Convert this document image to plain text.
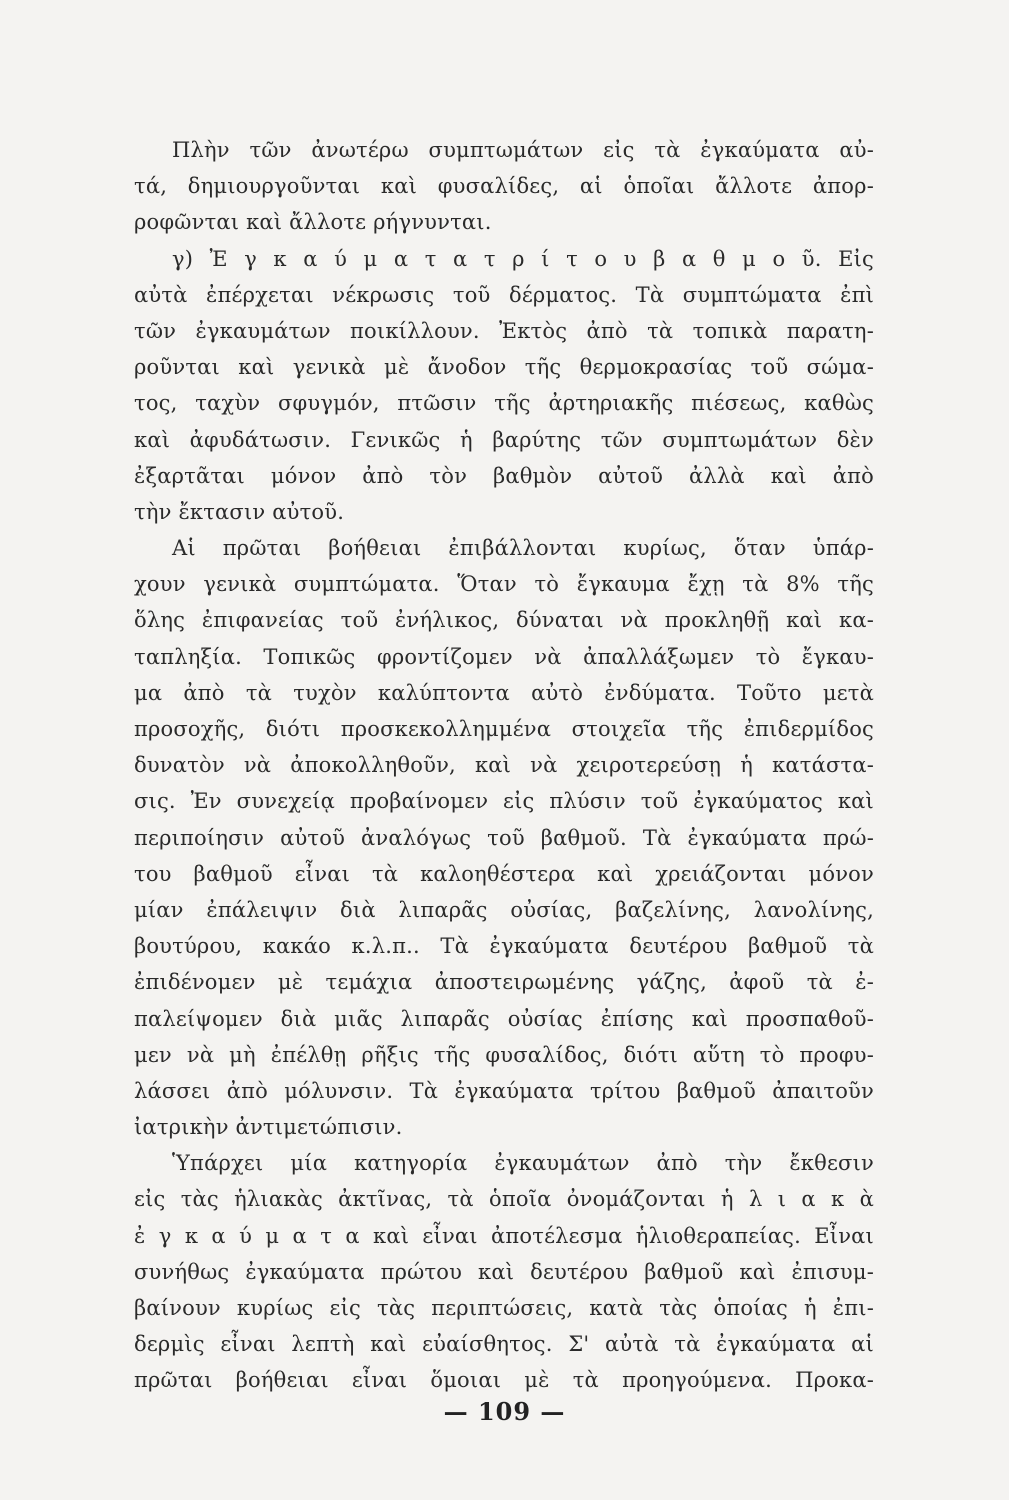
Πλὴν τῶν ἀνωτέρω συμπτωμάτων εἰς τὰ ἐγκαύματα αὐ-
τά, δημιουργοῦνται καὶ φυσαλίδες, αἱ ὁποῖαι ἄλλοτε ἀπορ-
ροφῶνται καὶ ἄλλοτε ρήγνυνται.
γ) Ἐ γ κ α ύ μ α τ α τ ρ ί τ ο υ β α θ μ ο ῦ. Εἰς
αὐτὰ ἐπέρχεται νέκρωσις τοῦ δέρματος. Τὰ συμπτώματα ἐπὶ
τῶν ἐγκαυμάτων ποικίλλουν. Ἐκτὸς ἀπὸ τὰ τοπικὰ παρατη-
ροῦνται καὶ γενικὰ μὲ ἄνοδον τῆς θερμοκρασίας τοῦ σώμα-
τος, ταχὺν σφυγμόν, πτῶσιν τῆς ἀρτηριακῆς πιέσεως, καθὼς
καὶ ἀφυδάτωσιν. Γενικῶς ἡ βαρύτης τῶν συμπτωμάτων δὲν
ἐξαρτᾶται μόνον ἀπὸ τὸν βαθμὸν αὐτοῦ ἀλλὰ καὶ ἀπὸ
τὴν ἔκτασιν αὐτοῦ.
Αἱ πρῶται βοήθειαι ἐπιβάλλονται κυρίως, ὅταν ὑπάρ-
χουν γενικὰ συμπτώματα. Ὅταν τὸ ἔγκαυμα ἔχῃ τὰ 8% τῆς
ὅλης ἐπιφανείας τοῦ ἐνήλικος, δύναται νὰ προκληθῇ καὶ κα-
ταπληξία. Τοπικῶς φροντίζομεν νὰ ἀπαλλάξωμεν τὸ ἔγκαυ-
μα ἀπὸ τὰ τυχὸν καλύπτοντα αὐτὸ ἐνδύματα. Τοῦτο μετὰ
προσοχῆς, διότι προσκεκολλημμένα στοιχεῖα τῆς ἐπιδερμίδος
δυνατὸν νὰ ἀποκολληθοῦν, καὶ νὰ χειροτερεύσῃ ἡ κατάστα-
σις. Ἐν συνεχείᾳ προβαίνομεν εἰς πλύσιν τοῦ ἐγκαύματος καὶ
περιποίησιν αὐτοῦ ἀναλόγως τοῦ βαθμοῦ. Τὰ ἐγκαύματα πρώ-
του βαθμοῦ εἶναι τὰ καλοηθέστερα καὶ χρειάζονται μόνον
μίαν ἐπάλειψιν διὰ λιπαρᾶς οὐσίας, βαζελίνης, λανολίνης,
βουτύρου, κακάο κ.λ.π.. Τὰ ἐγκαύματα δευτέρου βαθμοῦ τὰ
ἐπιδένομεν μὲ τεμάχια ἀποστειρωμένης γάζης, ἀφοῦ τὰ ἐ-
παλείψομεν διὰ μιᾶς λιπαρᾶς οὐσίας ἐπίσης καὶ προσπαθοῦ-
μεν νὰ μὴ ἐπέλθῃ ρῆξις τῆς φυσαλίδος, διότι αὕτη τὸ προφυ-
λάσσει ἀπὸ μόλυνσιν. Τὰ ἐγκαύματα τρίτου βαθμοῦ ἀπαιτοῦν
ἰατρικὴν ἀντιμετώπισιν.
Ὑπάρχει μία κατηγορία ἐγκαυμάτων ἀπὸ τὴν ἔκθεσιν
εἰς τὰς ἡλιακὰς ἀκτῖνας, τὰ ὁποῖα ὀνομάζονται ἡ λ ι α κ ὰ
ἐ γ κ α ύ μ α τ α καὶ εἶναι ἀποτέλεσμα ἡλιοθεραπείας. Εἶναι
συνήθως ἐγκαύματα πρώτου καὶ δευτέρου βαθμοῦ καὶ ἐπισυμ-
βαίνουν κυρίως εἰς τὰς περιπτώσεις, κατὰ τὰς ὁποίας ἡ ἐπι-
δερμὶς εἶναι λεπτὴ καὶ εὐαίσθητος. Σ' αὐτὰ τὰ ἐγκαύματα αἱ
πρῶται βοήθειαι εἶναι ὅμοιαι μὲ τὰ προηγούμενα. Προκα-
— 109 —
